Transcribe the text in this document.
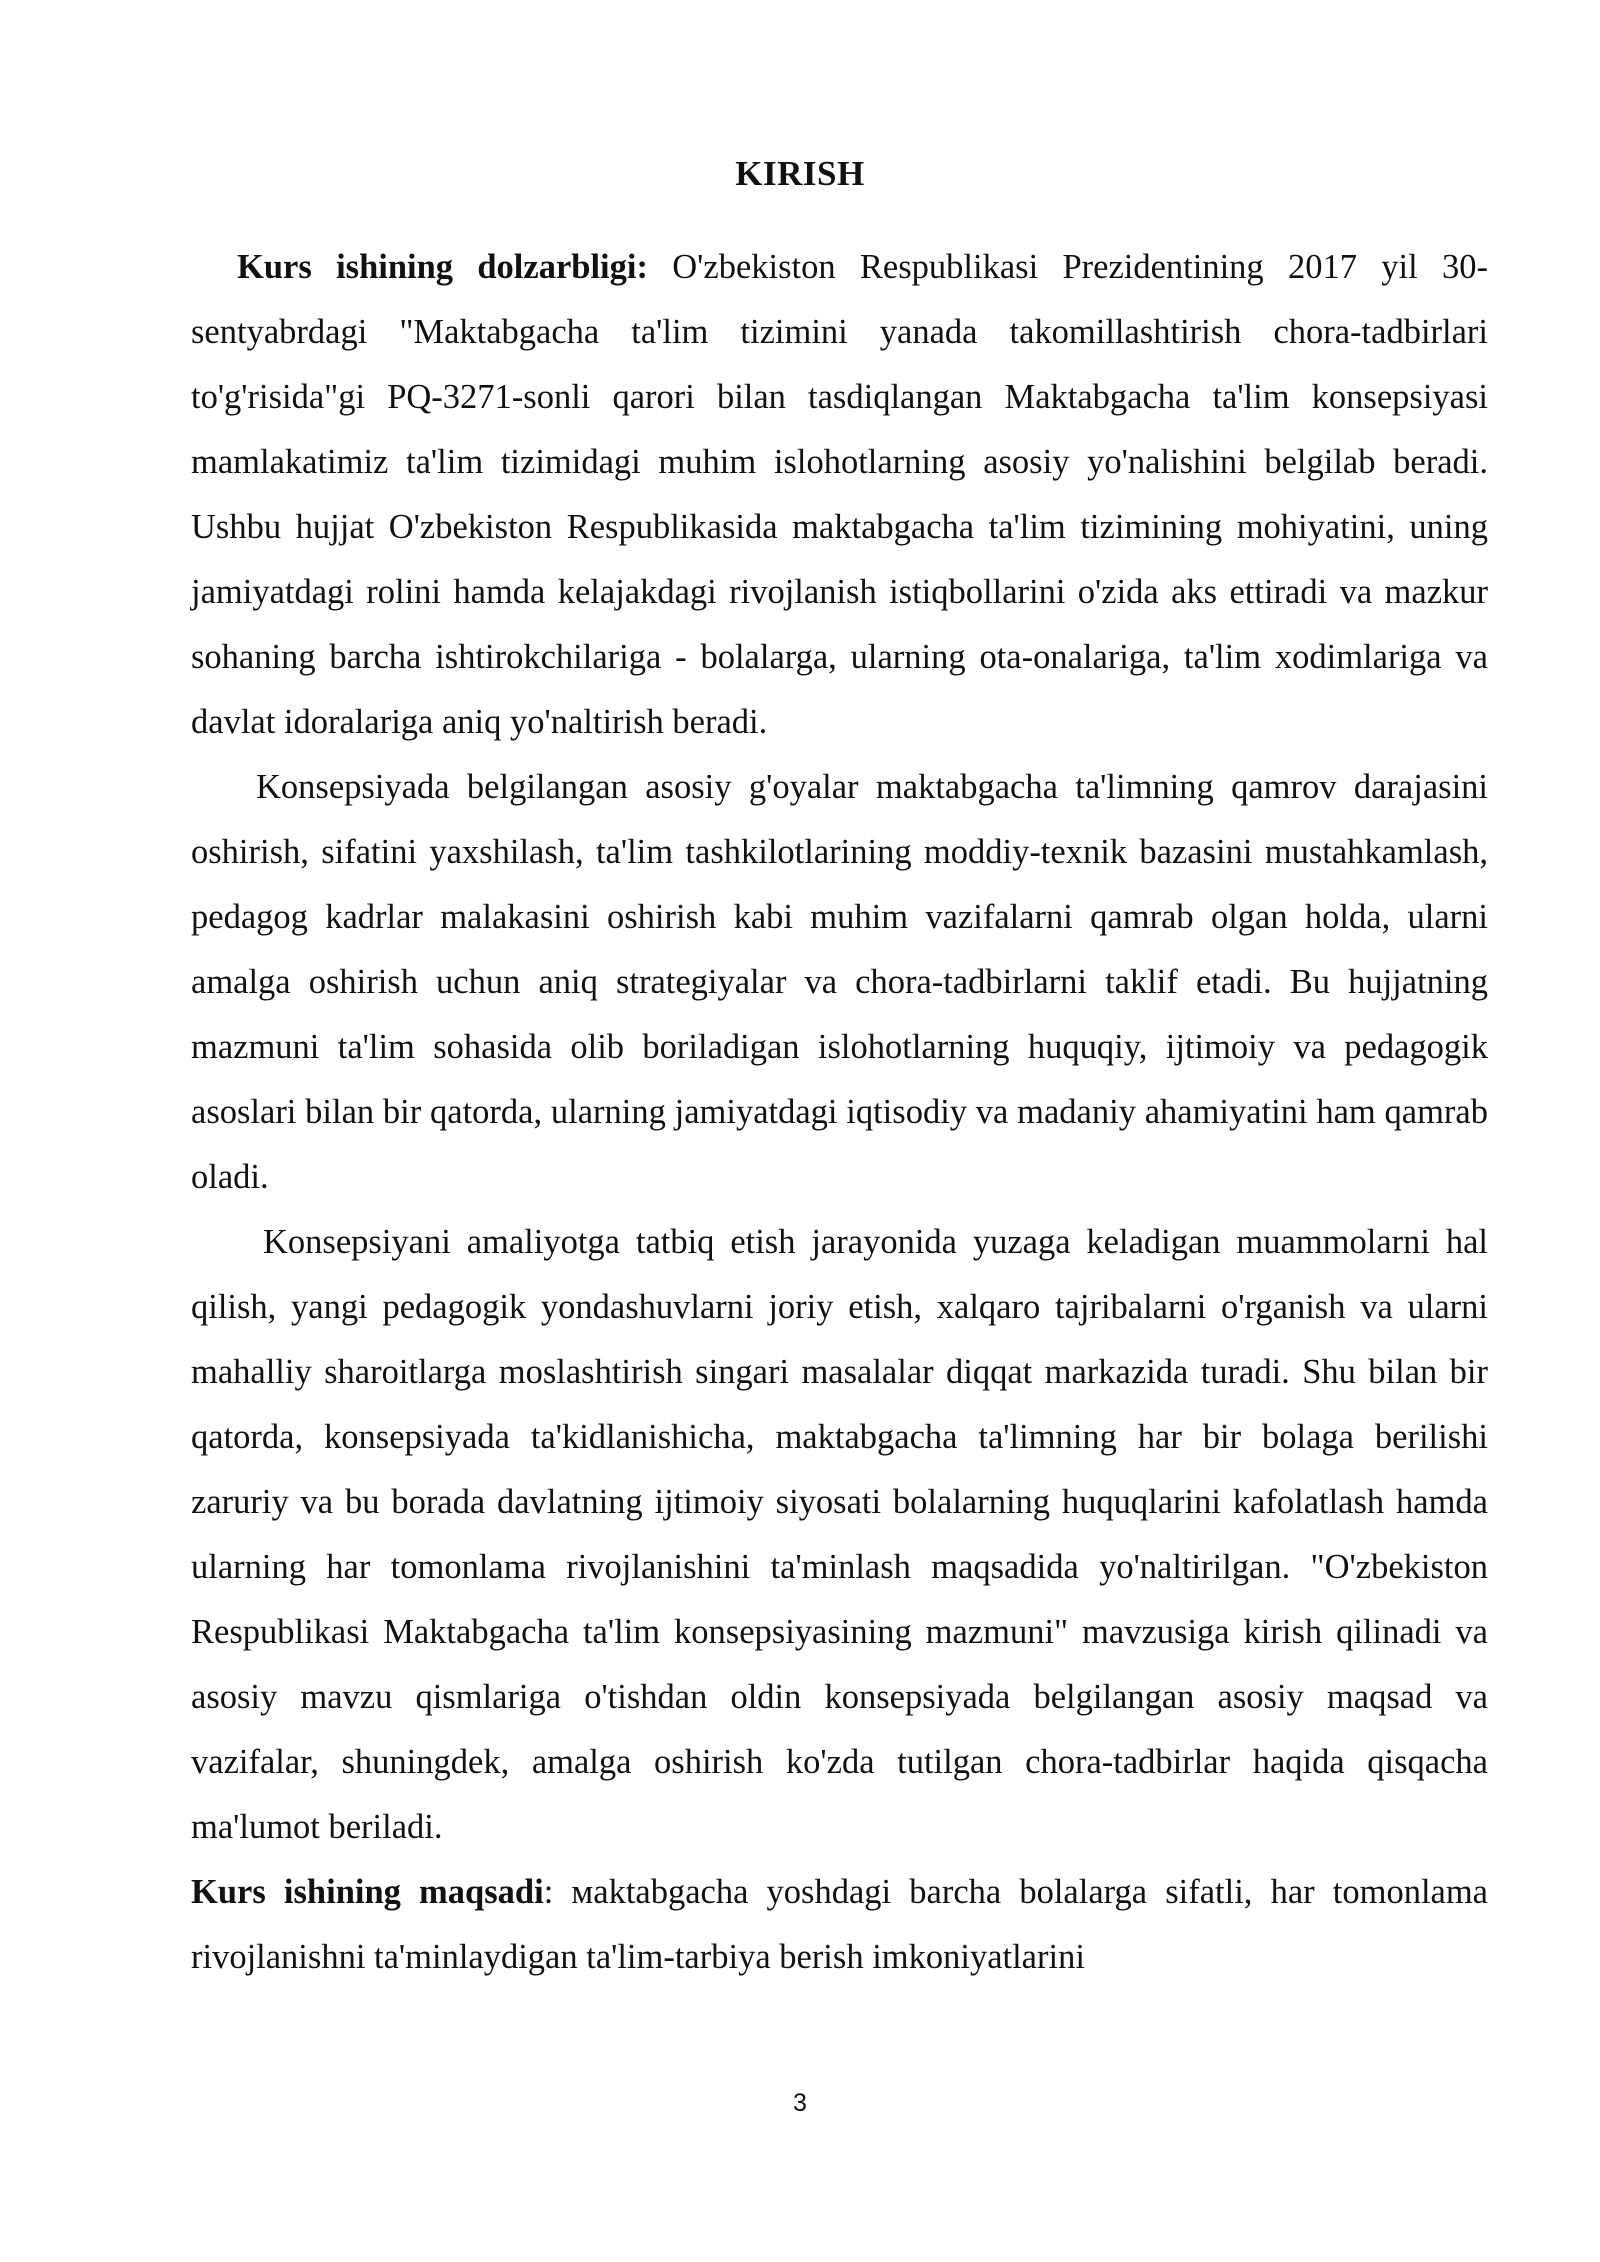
KIRISH

Kurs ishining dolzarbligi: O'zbekiston Respublikasi Prezidentining 2017 yil 30-sentyabrdagi "Maktabgacha ta'lim tizimini yanada takomillashtirish chora-tadbirlari to'g'risida"gi PQ-3271-sonli qarori bilan tasdiqlangan Maktabgacha ta'lim konsepsiyasi mamlakatimiz ta'lim tizimidagi muhim islohotlarning asosiy yo'nalishini belgilab beradi. Ushbu hujjat O'zbekiston Respublikasida maktabgacha ta'lim tizimining mohiyatini, uning jamiyatdagi rolini hamda kelajakdagi rivojlanish istiqbollarini o'zida aks ettiradi va mazkur sohaning barcha ishtirokchilariga - bolalarga, ularning ota-onalariga, ta'lim xodimlariga va davlat idoralariga aniq yo'naltirish beradi.

Konsepsiyada belgilangan asosiy g'oyalar maktabgacha ta'limning qamrov darajasini oshirish, sifatini yaxshilash, ta'lim tashkilotlarining moddiy-texnik bazasini mustahkamlash, pedagog kadrlar malakasini oshirish kabi muhim vazifalarni qamrab olgan holda, ularni amalga oshirish uchun aniq strategiyalar va chora-tadbirlarni taklif etadi. Bu hujjatning mazmuni ta'lim sohasida olib boriladigan islohotlarning huquqiy, ijtimoiy va pedagogik asoslari bilan bir qatorda, ularning jamiyatdagi iqtisodiy va madaniy ahamiyatini ham qamrab oladi.

Konsepsiyani amaliyotga tatbiq etish jarayonida yuzaga keladigan muammolarni hal qilish, yangi pedagogik yondashuvlarni joriy etish, xalqaro tajribalarni o'rganish va ularni mahalliy sharoitlarga moslashtirish singari masalalar diqqat markazida turadi. Shu bilan bir qatorda, konsepsiyada ta'kidlanishicha, maktabgacha ta'limning har bir bolaga berilishi zaruriy va bu borada davlatning ijtimoiy siyosati bolalarning huquqlarini kafolatlash hamda ularning har tomonlama rivojlanishini ta'minlash maqsadida yo'naltirilgan. "O'zbekiston Respublikasi Maktabgacha ta'lim konsepsiyasining mazmuni" mavzusiga kirish qilinadi va asosiy mavzu qismlariga o'tishdan oldin konsepsiyada belgilangan asosiy maqsad va vazifalar, shuningdek, amalga oshirish ko'zda tutilgan chora-tadbirlar haqida qisqacha ma'lumot beriladi.

Kurs ishining maqsadi: мaktabgacha yoshdagi barcha bolalarga sifatli, har tomonlama rivojlanishni ta'minlaydigan ta'lim-tarbiya berish imkoniyatlarini

3
